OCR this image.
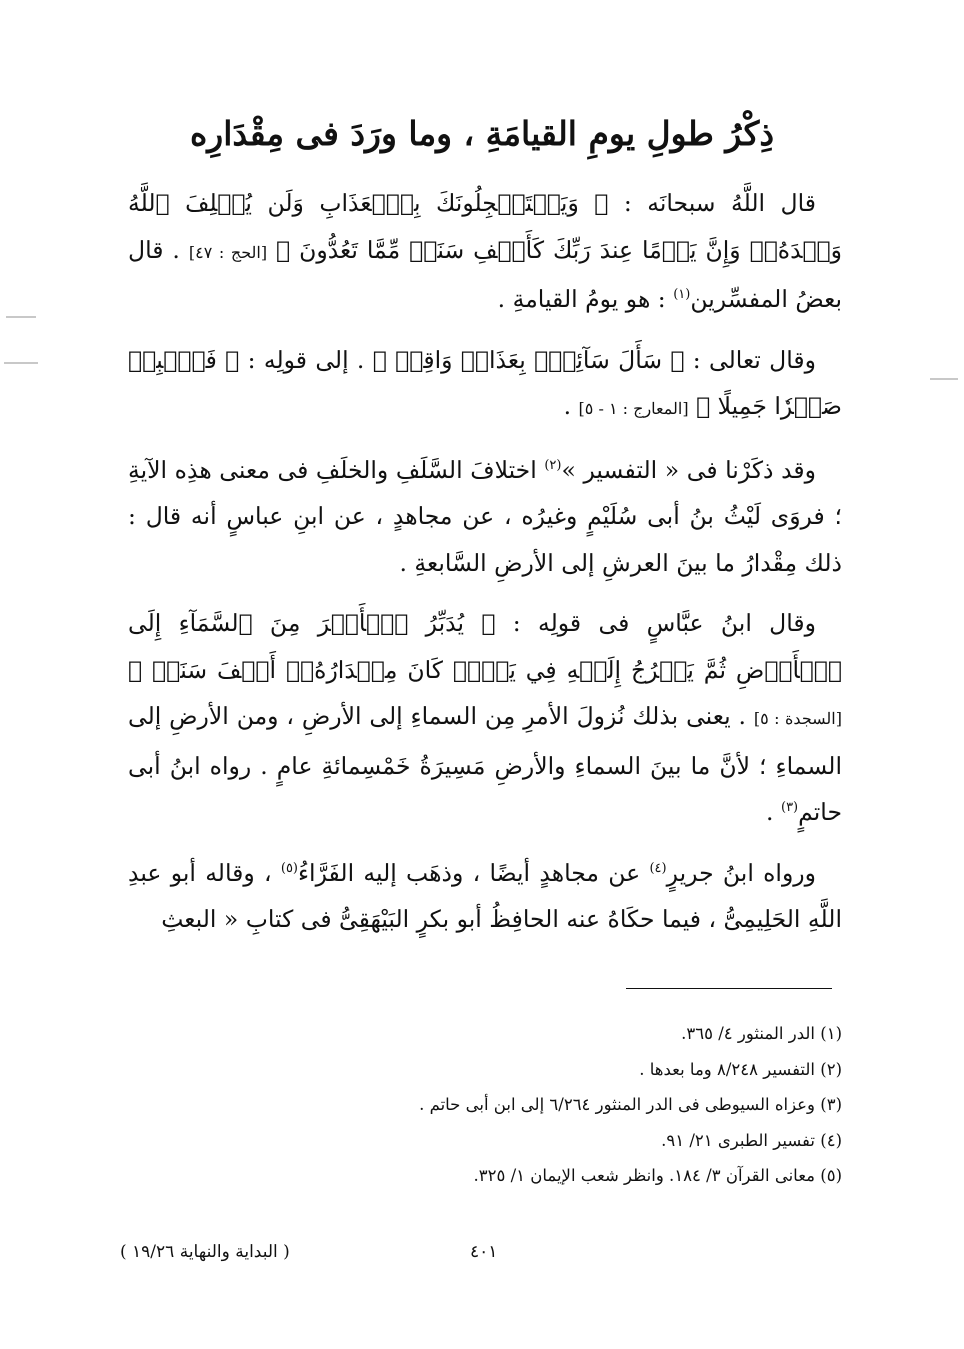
ذِكْرُ طولِ يومِ القيامَةِ ، وما ورَدَ فى مِقْدَارِه

قال اللَّهُ سبحانَه : ﴿ وَيَسۡتَعۡجِلُونَكَ بِٱلۡعَذَابِ وَلَن يُخۡلِفَ ٱللَّهُ وَعۡدَهُۥۚ وَإِنَّ يَوۡمًا عِندَ رَبِّكَ كَأَلۡفِ سَنَةٖ مِّمَّا تَعُدُّونَ ﴾ [الحج : ٤٧] . قال بعضُ المفسِّرين$^{(١)}$ : هو يومُ القيامةِ .

وقال تعالى : ﴿ سَأَلَ سَآئِلُۢ بِعَذَابٖ وَاقِعٖ ﴾ . إلى قولِه : ﴿ فَٱصۡبِرۡ صَبۡرٗا جَمِيلًا ﴾ [المعارج : ١ - ٥] .

وقد ذكَرْنا فى « التفسير »$^{(٢)}$ اختلافَ السَّلَفِ والخلَفِ فى معنى هذِه الآيةِ ؛ فروَى لَيْثُ بنُ أبى سُلَيْمٍ وغيرُه ، عن مجاهدٍ ، عن ابنِ عباسٍ أنه قال : ذلك مِقْدارُ ما بينَ العرشِ إلى الأرضِ السَّابعةِ .

وقال ابنُ عبَّاسٍ فى قولِه : ﴿ يُدَبِّرُ ٱلۡأَمۡرَ مِنَ ٱلسَّمَآءِ إِلَى ٱلۡأَرۡضِ ثُمَّ يَعۡرُجُ إِلَيۡهِ فِي يَوۡمٖ كَانَ مِقۡدَارُهُۥٓ أَلۡفَ سَنَةٖ ﴾ [السجدة : ٥] . يعنى بذلك نُزولَ الأمرِ مِن السماءِ إلى الأرضِ ، ومن الأرضِ إلى السماءِ ؛ لأنَّ ما بينَ السماءِ والأرضِ مَسِيرَةُ خَمْسِمائةِ عامٍ . رواه ابنُ أبى حاتمٍ$^{(٣)}$ .

ورواه ابنُ جريرٍ$^{(٤)}$ عن مجاهدٍ أيضًا ، وذهَب إليه الفَرَّاءُ$^{(٥)}$ ، وقاله أبو عبدِ اللَّهِ الحَلِيمِىُّ ، فيما حكَاهُ عنه الحافِظُ أبو بكرٍ البَيْهَقِىُّ فى كتابِ « البعثِ

(١) الدر المنثور ٤/ ٣٦٥.
(٢) التفسير ٨/٢٤٨ وما بعدها .
(٣) وعزاه السيوطى فى الدر المنثور ٦/٢٦٤ إلى ابن أبى حاتم .
(٤) تفسير الطبرى ٢١/ ٩١.
(٥) معانى القرآن ٣/ ١٨٤. وانظر شعب الإيمان ١/ ٣٢٥.
٤٠١
( البداية والنهاية ١٩/٢٦ )
